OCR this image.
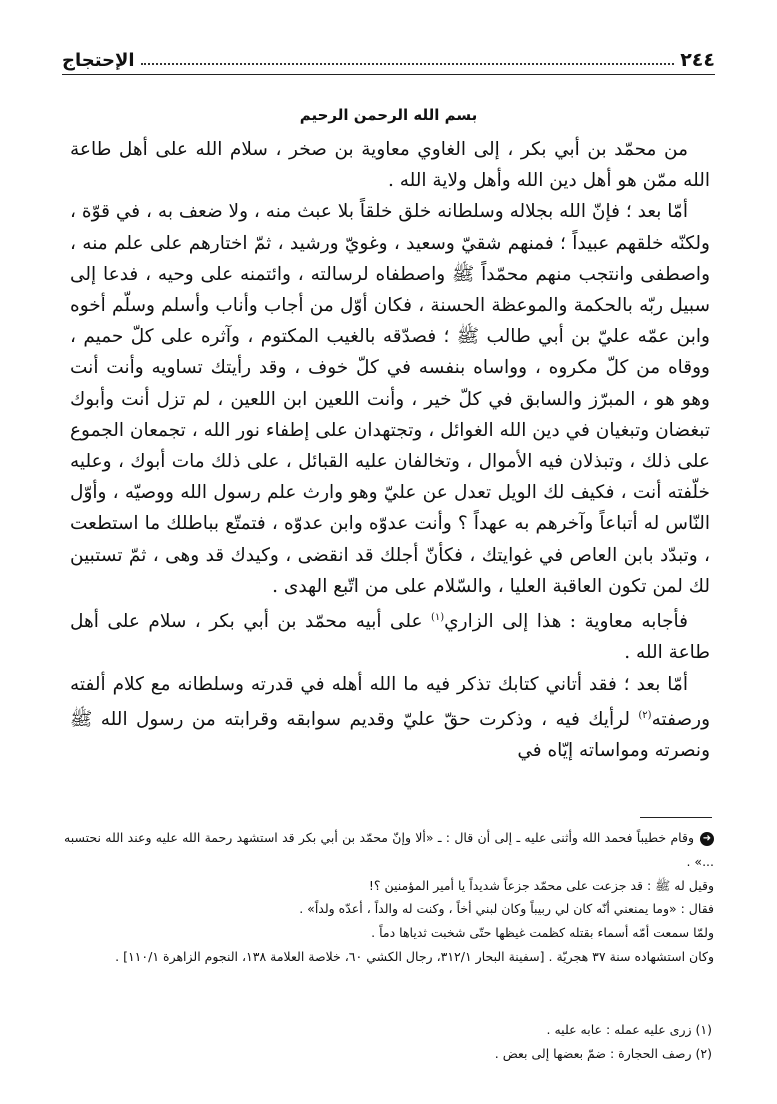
٢٤٤
الإحتجاج
بسم الله الرحمن الرحيم

من محمّد بن أبي بكر ، إلى الغاوي معاوية بن صخر ، سلام الله على أهل طاعة الله ممّن هو أهل دين الله وأهل ولاية الله .

أمّا بعد ؛ فإنّ الله بجلاله وسلطانه خلق خلقاً بلا عبث منه ، ولا ضعف به ، في قوّة ، ولكنّه خلقهم عبيداً ؛ فمنهم شقيّ وسعيد ، وغويّ ورشيد ، ثمّ اختارهم على علم منه ، واصطفى وانتجب منهم محمّداً ﷺ واصطفاه لرسالته ، وائتمنه على وحيه ، فدعا إلى سبيل ربّه بالحكمة والموعظة الحسنة ، فكان أوّل من أجاب وأناب وأسلم وسلّم أخوه وابن عمّه عليّ بن أبي طالب ﷺ ؛ فصدّقه بالغيب المكتوم ، وآثره على كلّ حميم ، ووقاه من كلّ مكروه ، وواساه بنفسه في كلّ خوف ، وقد رأيتك تساويه وأنت أنت وهو هو ، المبرّز والسابق في كلّ خير ، وأنت اللعين ابن اللعين ، لم تزل أنت وأبوك تبغضان وتبغيان في دين الله الغوائل ، وتجتهدان على إطفاء نور الله ، تجمعان الجموع على ذلك ، وتبذلان فيه الأموال ، وتخالفان عليه القبائل ، على ذلك مات أبوك ، وعليه خلّفته أنت ، فكيف لك الويل تعدل عن عليّ وهو وارث علم رسول الله ووصيّه ، وأوّل النّاس له أتباعاً وآخرهم به عهداً ؟ وأنت عدوّه وابن عدوّه ، فتمتّع بباطلك ما استطعت ، وتبدّد بابن العاص في غوايتك ، فكأنّ أجلك قد انقضى ، وكيدك قد وهى ، ثمّ تستبين لك لمن تكون العاقبة العليا ، والسّلام على من اتّبع الهدى .

فأجابه معاوية : هذا إلى الزاري$^{(١)}$ على أبيه محمّد بن أبي بكر ، سلام على أهل طاعة الله .

أمّا بعد ؛ فقد أتاني كتابك تذكر فيه ما الله أهله في قدرته وسلطانه مع كلام ألفته ورصفته$^{(٢)}$ لرأيك فيه ، وذكرت حقّ عليّ وقديم سوابقه وقرابته من رسول الله ﷺ ونصرته ومواساته إيّاه في

➜وقام خطيباً فحمد الله وأثنى عليه ـ إلى أن قال : ـ «ألا وإنّ محمّد بن أبي بكر قد استشهد رحمة الله عليه وعند الله نحتسبه ...» .

وقيل له ﷺ : قد جزعت على محمّد جزعاً شديداً يا أمير المؤمنين ؟!

فقال : «وما يمنعني أنّه كان لي ربيباً وكان لبني أخاً ، وكنت له والداً ، أعدّه ولداً» .

ولمّا سمعت أمّه أسماء بقتله كظمت غيظها حتّى شخبت ثدياها دماً .

وكان استشهاده سنة ٣٧ هجريّة . [سفينة البحار ٣١٢/١، رجال الكشي ٦٠، خلاصة العلامة ١٣٨، النجوم الزاهرة ١١٠/١] .

(١) زرى عليه عمله : عابه عليه .

(٢) رصف الحجارة : ضمّ بعضها إلى بعض .
